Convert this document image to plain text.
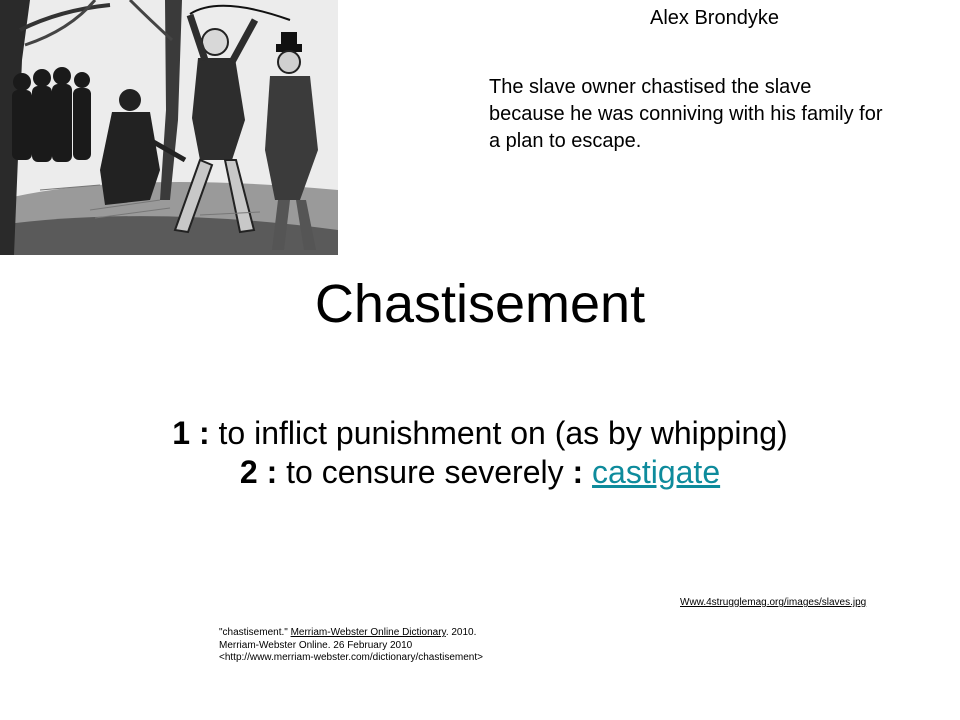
Alex Brondyke
The slave owner chastised the slave because he was conniving with his family for a plan to escape.
Chastisement
1 : to inflict punishment on (as by whipping)
2 : to censure severely : castigate
Www.4strugglemag.org/images/slaves.jpg
"chastisement." Merriam-Webster Online Dictionary. 2010.
Merriam-Webster Online. 26 February 2010
<http://www.merriam-webster.com/dictionary/chastisement>
